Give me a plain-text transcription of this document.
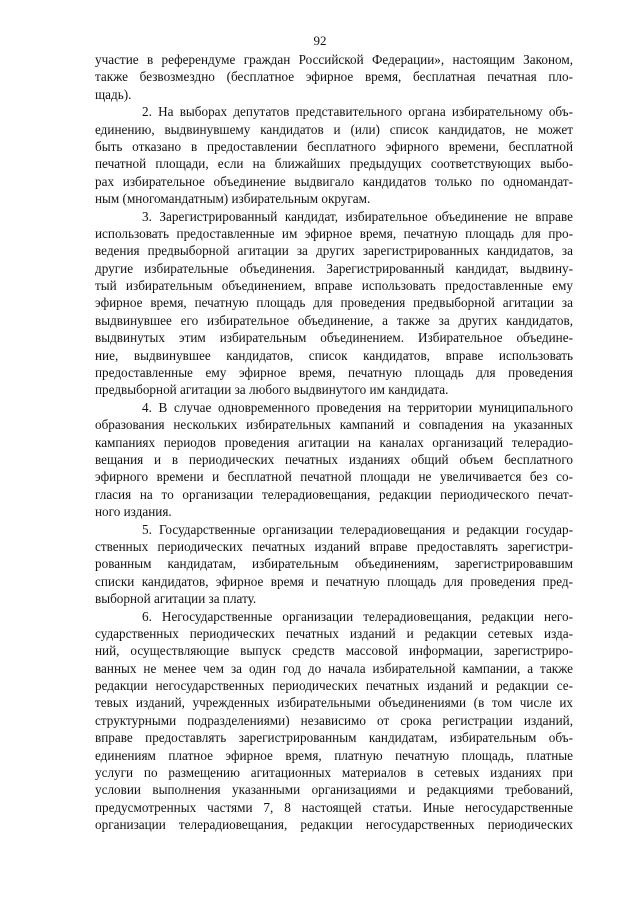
92
участие в референдуме граждан Российской Федерации», настоящим Законом,
также безвозмездно (бесплатное эфирное время, бесплатная печатная пло-
щадь).
2. На выборах депутатов представительного органа избирательному объ-
единению, выдвинувшему кандидатов и (или) список кандидатов, не может
быть отказано в предоставлении бесплатного эфирного времени, бесплатной
печатной площади, если на ближайших предыдущих соответствующих выбо-
рах избирательное объединение выдвигало кандидатов только по одномандат-
ным (многомандатным) избирательным округам.
3. Зарегистрированный кандидат, избирательное объединение не вправе
использовать предоставленные им эфирное время, печатную площадь для про-
ведения предвыборной агитации за других зарегистрированных кандидатов, за
другие избирательные объединения. Зарегистрированный кандидат, выдвину-
тый избирательным объединением, вправе использовать предоставленные ему
эфирное время, печатную площадь для проведения предвыборной агитации за
выдвинувшее его избирательное объединение, а также за других кандидатов,
выдвинутых этим избирательным объединением. Избирательное объедине-
ние, выдвинувшее кандидатов, список кандидатов, вправе использовать
предоставленные ему эфирное время, печатную площадь для проведения
предвыборной агитации за любого выдвинутого им кандидата.
4. В случае одновременного проведения на территории муниципального
образования нескольких избирательных кампаний и совпадения на указанных
кампаниях периодов проведения агитации на каналах организаций телерадио-
вещания и в периодических печатных изданиях общий объем бесплатного
эфирного времени и бесплатной печатной площади не увеличивается без со-
гласия на то организации телерадиовещания, редакции периодического печат-
ного издания.
5. Государственные организации телерадиовещания и редакции государ-
ственных периодических печатных изданий вправе предоставлять зарегистри-
рованным кандидатам, избирательным объединениям, зарегистрировавшим
списки кандидатов, эфирное время и печатную площадь для проведения пред-
выборной агитации за плату.
6. Негосударственные организации телерадиовещания, редакции него-
сударственных периодических печатных изданий и редакции сетевых изда-
ний, осуществляющие выпуск средств массовой информации, зарегистриро-
ванных не менее чем за один год до начала избирательной кампании, а также
редакции негосударственных периодических печатных изданий и редакции се-
тевых изданий, учрежденных избирательными объединениями (в том числе их
структурными подразделениями) независимо от срока регистрации изданий,
вправе предоставлять зарегистрированным кандидатам, избирательным объ-
единениям платное эфирное время, платную печатную площадь, платные
услуги по размещению агитационных материалов в сетевых изданиях при
условии выполнения указанными организациями и редакциями требований,
предусмотренных частями 7, 8 настоящей статьи. Иные негосударственные
организации телерадиовещания, редакции негосударственных периодических
